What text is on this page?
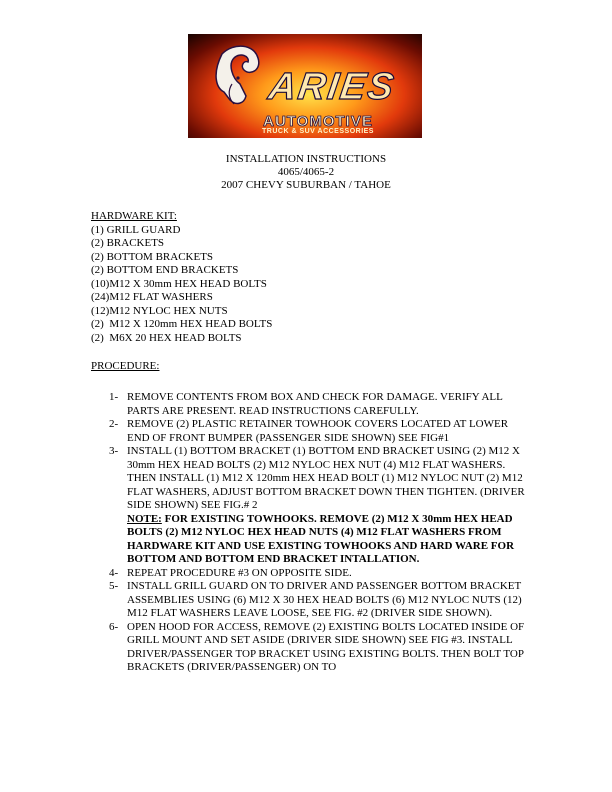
ARIES
AUTOMOTIVE
TRUCK & SUV ACCESSORIES
INSTALLATION INSTRUCTIONS
4065/4065-2
2007 CHEVY SUBURBAN / TAHOE
HARDWARE KIT:
(1) GRILL GUARD
(2) BRACKETS
(2) BOTTOM BRACKETS
(2) BOTTOM END BRACKETS
(10)M12 X 30mm HEX HEAD BOLTS
(24)M12 FLAT WASHERS
(12)M12 NYLOC HEX NUTS
(2)  M12 X 120mm HEX HEAD BOLTS
(2)  M6X 20 HEX HEAD BOLTS
PROCEDURE:
1- REMOVE CONTENTS FROM BOX AND CHECK FOR DAMAGE. VERIFY ALL PARTS ARE PRESENT. READ INSTRUCTIONS CAREFULLY.
2- REMOVE (2) PLASTIC RETAINER TOWHOOK COVERS LOCATED AT LOWER END OF FRONT BUMPER (PASSENGER SIDE SHOWN) SEE FIG#1
3- INSTALL (1) BOTTOM BRACKET (1) BOTTOM END BRACKET USING (2) M12 X 30mm HEX HEAD BOLTS (2) M12 NYLOC HEX NUT (4) M12 FLAT WASHERS. THEN INSTALL (1) M12 X 120mm HEX HEAD BOLT (1) M12 NYLOC NUT (2) M12 FLAT WASHERS, ADJUST BOTTOM BRACKET DOWN THEN TIGHTEN. (DRIVER SIDE SHOWN) SEE FIG.# 2
NOTE: FOR EXISTING TOWHOOKS. REMOVE (2) M12 X 30mm HEX HEAD BOLTS (2) M12 NYLOC HEX HEAD NUTS (4) M12 FLAT WASHERS FROM HARDWARE KIT AND USE EXISTING TOWHOOKS AND HARD WARE FOR BOTTOM AND BOTTOM END BRACKET INTALLATION.
4- REPEAT PROCEDURE #3 ON OPPOSITE SIDE.
5- INSTALL GRILL GUARD ON TO DRIVER AND PASSENGER BOTTOM BRACKET ASSEMBLIES USING (6) M12 X 30 HEX HEAD BOLTS (6) M12 NYLOC NUTS (12) M12 FLAT WASHERS LEAVE LOOSE, SEE FIG. #2 (DRIVER SIDE SHOWN).
6- OPEN HOOD FOR ACCESS, REMOVE (2) EXISTING BOLTS LOCATED INSIDE OF GRILL MOUNT AND SET ASIDE (DRIVER SIDE SHOWN) SEE FIG #3. INSTALL DRIVER/PASSENGER TOP BRACKET USING EXISTING BOLTS. THEN BOLT TOP BRACKETS (DRIVER/PASSENGER) ON TO
